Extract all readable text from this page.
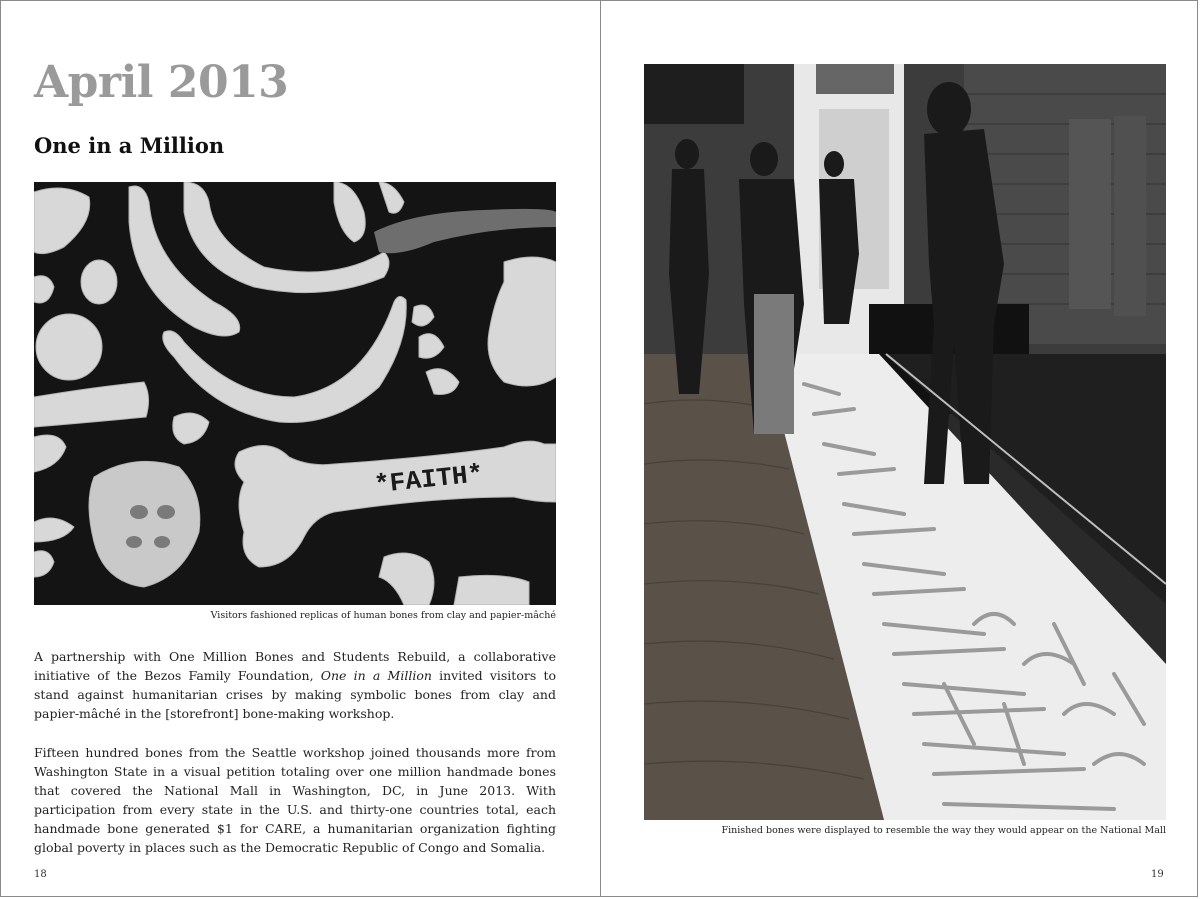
April 2013
One in a Million
*FAITH*
Visitors fashioned replicas of human bones from clay and papier-mâché

A partnership with One Million Bones and Students Rebuild, a collaborative initiative of the Bezos Family Foundation, One in a Million invited visitors to stand against humanitarian crises by making symbolic bones from clay and papier-mâché in the [storefront] bone-making workshop.

Fifteen hundred bones from the Seattle workshop joined thousands more from Washington State in a visual petition totaling over one million handmade bones that covered the National Mall in Washington, DC, in June 2013. With participation from every state in the U.S. and thirty-one countries total, each handmade bone generated $1 for CARE, a humanitarian organization fighting global poverty in places such as the Democratic Republic of Congo and Somalia.

18
Finished bones were displayed to resemble the way they would appear on the National Mall
19
